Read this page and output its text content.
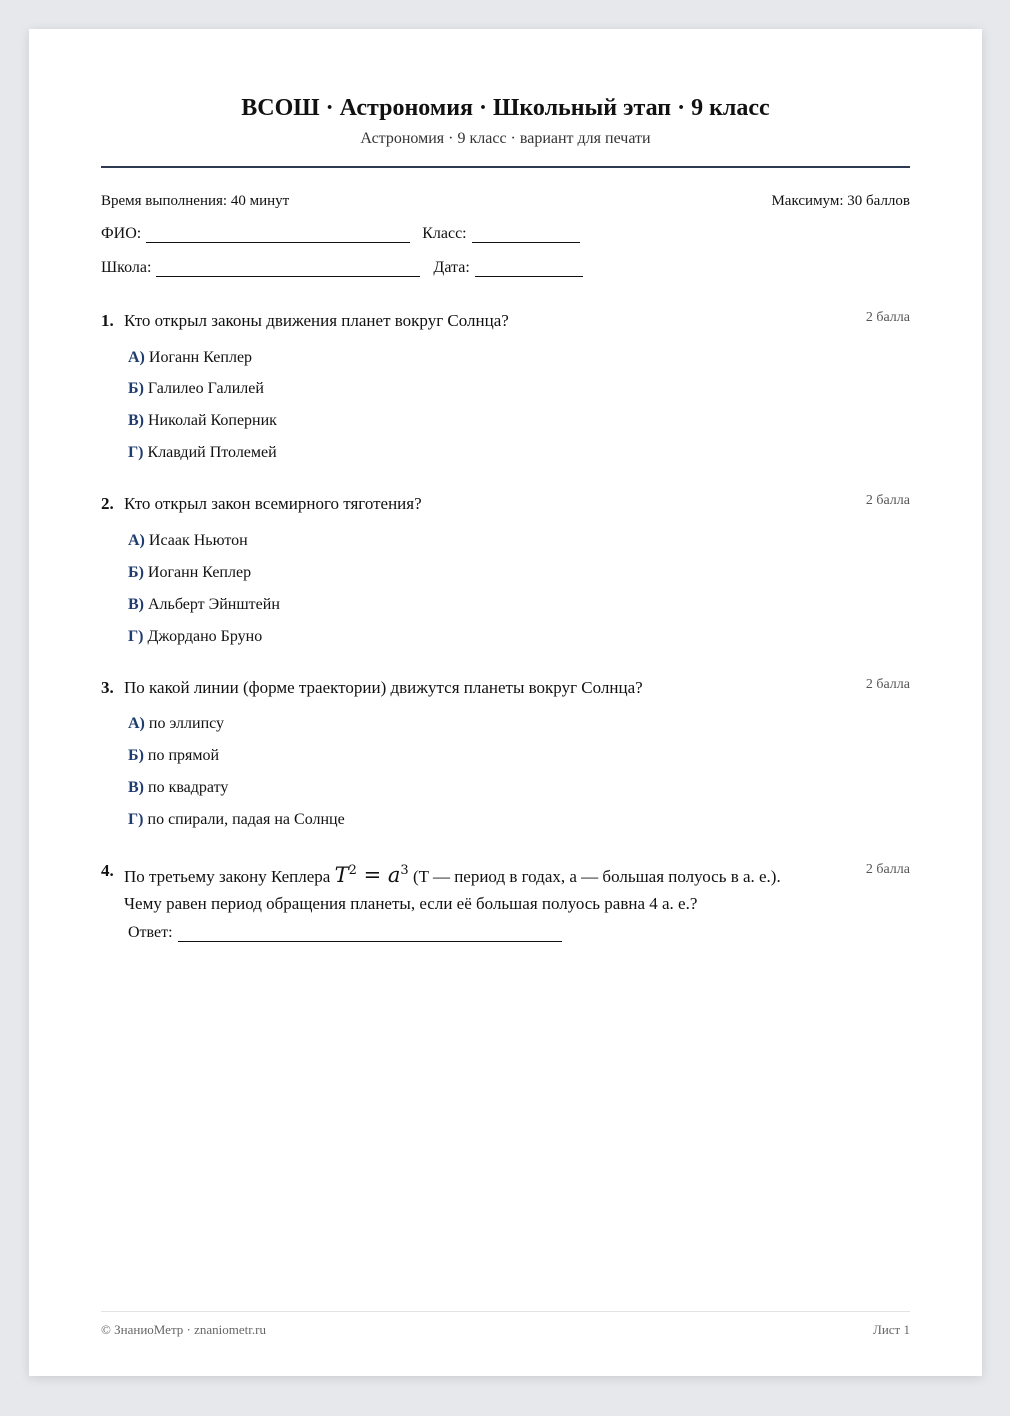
ВСОШ · Астрономия · Школьный этап · 9 класс
Астрономия · 9 класс · вариант для печати
Время выполнения: 40 минут	Максимум: 30 баллов
ФИО:	Класс:
Школа:	Дата:
1. Кто открыл законы движения планет вокруг Солнца?	2 балла
А) Иоганн Кеплер
Б) Галилео Галилей
В) Николай Коперник
Г) Клавдий Птолемей
2. Кто открыл закон всемирного тяготения?	2 балла
А) Исаак Ньютон
Б) Иоганн Кеплер
В) Альберт Эйнштейн
Г) Джордано Бруно
3. По какой линии (форме траектории) движутся планеты вокруг Солнца?	2 балла
А) по эллипсу
Б) по прямой
В) по квадрату
Г) по спирали, падая на Солнце
4. По третьему закону Кеплера $T^2 = a^3$ (T — период в годах, a — большая полуось в а. е.).
Чему равен период обращения планеты, если её большая полуось равна 4 а. е.?
2 балла
Ответ:
© ЗнаниоМетр · znaniometr.ru	Лист 1
